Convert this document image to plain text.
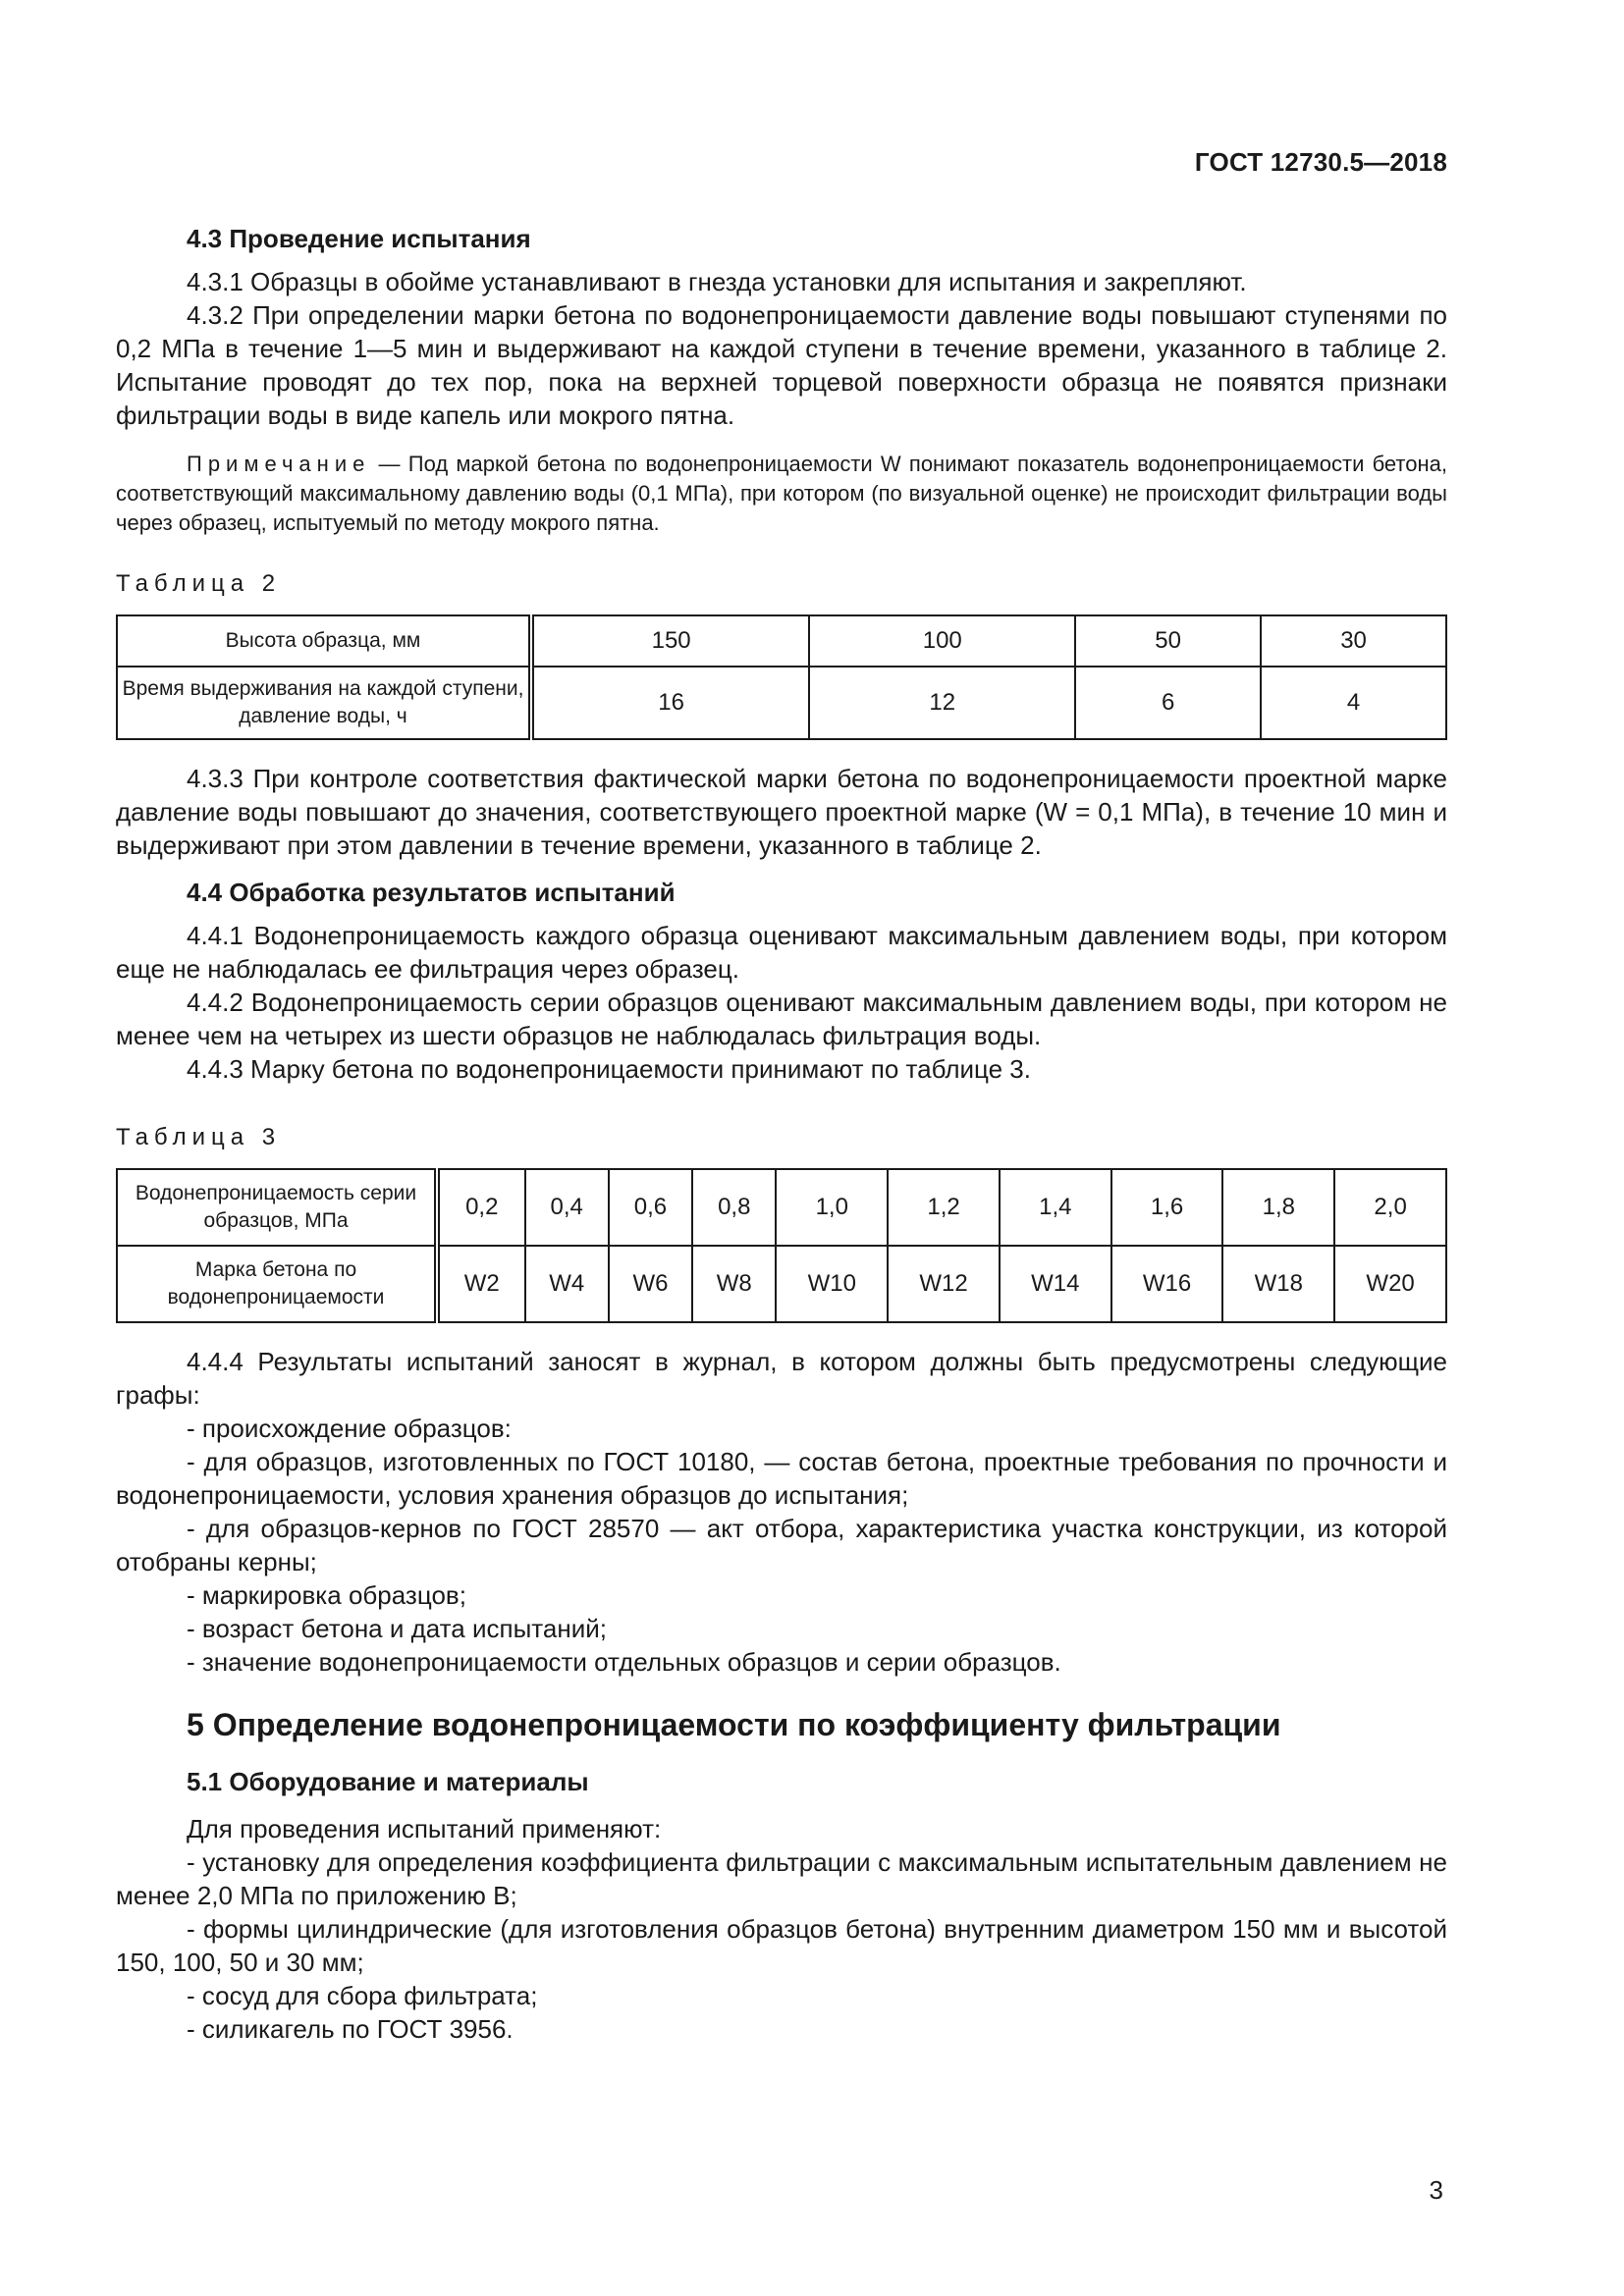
ГОСТ 12730.5—2018
4.3 Проведение испытания

4.3.1 Образцы в обойме устанавливают в гнезда установки для испытания и закрепляют.

4.3.2 При определении марки бетона по водонепроницаемости давление воды повышают ступенями по 0,2 МПа в течение 1—5 мин и выдерживают на каждой ступени в течение времени, указанного в таблице 2. Испытание проводят до тех пор, пока на верхней торцевой поверхности образца не появятся признаки фильтрации воды в виде капель или мокрого пятна.

Примечание — Под маркой бетона по водонепроницаемости W понимают показатель водонепроницаемости бетона, соответствующий максимальному давлению воды (0,1 МПа), при котором (по визуальной оценке) не происходит фильтрации воды через образец, испытуемый по методу мокрого пятна.

Таблица 2
Высота образца, мм	150	100	50	30
Время выдерживания на каждой ступени, давление воды, ч	16	12	6	4

4.3.3 При контроле соответствия фактической марки бетона по водонепроницаемости проектной марке давление воды повышают до значения, соответствующего проектной марке (W = 0,1 МПа), в течение 10 мин и выдерживают при этом давлении в течение времени, указанного в таблице 2.

4.4 Обработка результатов испытаний

4.4.1 Водонепроницаемость каждого образца оценивают максимальным давлением воды, при котором еще не наблюдалась ее фильтрация через образец.

4.4.2 Водонепроницаемость серии образцов оценивают максимальным давлением воды, при котором не менее чем на четырех из шести образцов не наблюдалась фильтрация воды.

4.4.3 Марку бетона по водонепроницаемости принимают по таблице 3.

Таблица 3
Водонепроницаемость серии образцов, МПа	0,2	0,4	0,6	0,8	1,0	1,2	1,4	1,6	1,8	2,0
Марка бетона по водонепроницаемости	W2	W4	W6	W8	W10	W12	W14	W16	W18	W20

4.4.4 Результаты испытаний заносят в журнал, в котором должны быть предусмотрены следующие графы:

- происхождение образцов:

- для образцов, изготовленных по ГОСТ 10180, — состав бетона, проектные требования по прочности и водонепроницаемости, условия хранения образцов до испытания;

- для образцов-кернов по ГОСТ 28570 — акт отбора, характеристика участка конструкции, из которой отобраны керны;

- маркировка образцов;

- возраст бетона и дата испытаний;

- значение водонепроницаемости отдельных образцов и серии образцов.

5 Определение водонепроницаемости по коэффициенту фильтрации
5.1 Оборудование и материалы

Для проведения испытаний применяют:

- установку для определения коэффициента фильтрации с максимальным испытательным давлением не менее 2,0 МПа по приложению В;

- формы цилиндрические (для изготовления образцов бетона) внутренним диаметром 150 мм и высотой 150, 100, 50 и 30 мм;

- сосуд для сбора фильтрата;

- силикагель по ГОСТ 3956.

3
